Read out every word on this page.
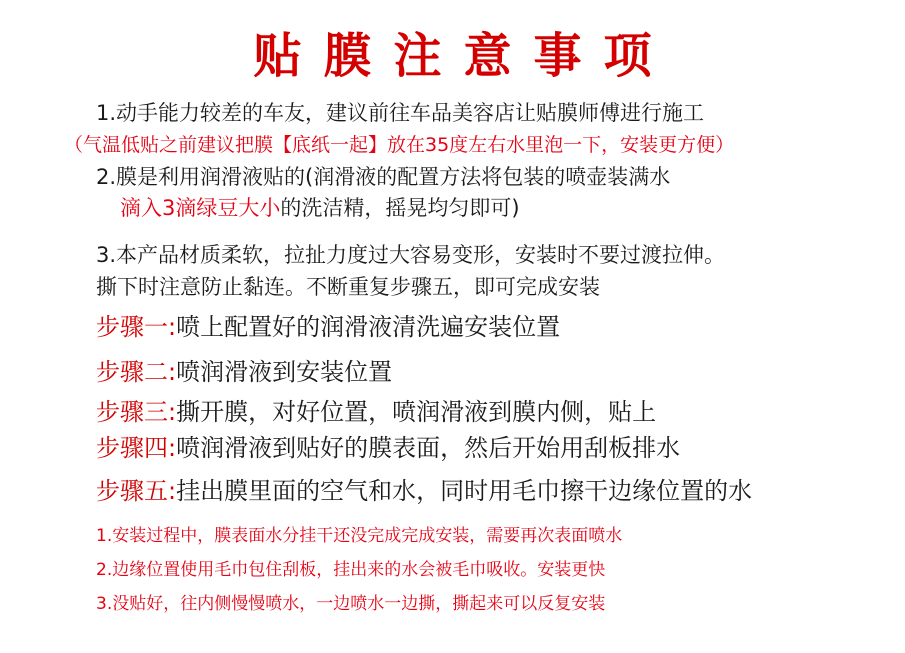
贴膜注意事项
1.动手能力较差的车友，建议前往车品美容店让贴膜师傅进行施工
（气温低贴之前建议把膜【底纸一起】放在35度左右水里泡一下，安装更方便）
2.膜是利用润滑液贴的(润滑液的配置方法将包装的喷壶装满水
滴入3滴绿豆大小的洗洁精，摇晃均匀即可)
3.本产品材质柔软，拉扯力度过大容易变形，安装时不要过渡拉伸。
撕下时注意防止黏连。不断重复步骤五，即可完成安装
步骤一:喷上配置好的润滑液清洗遍安装位置
步骤二:喷润滑液到安装位置
步骤三:撕开膜，对好位置，喷润滑液到膜内侧，贴上
步骤四:喷润滑液到贴好的膜表面，然后开始用刮板排水
步骤五:挂出膜里面的空气和水，同时用毛巾擦干边缘位置的水
1.安装过程中，膜表面水分挂干还没完成完成安装，需要再次表面喷水
2.边缘位置使用毛巾包住刮板，挂出来的水会被毛巾吸收。安装更快
3.没贴好，往内侧慢慢喷水，一边喷水一边撕，撕起来可以反复安装
